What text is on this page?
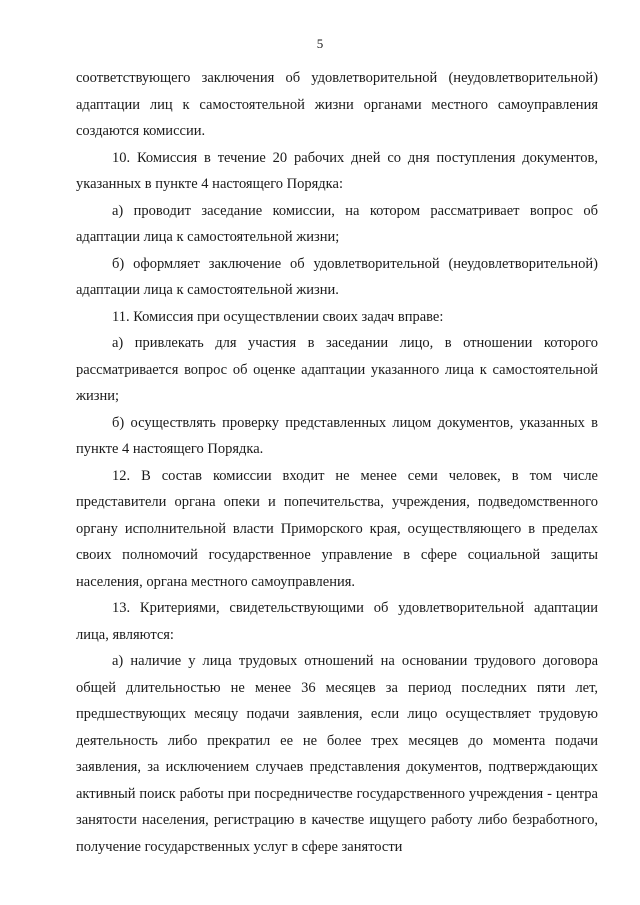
5

соответствующего заключения об удовлетворительной (неудовлетворительной) адаптации лиц к самостоятельной жизни органами местного самоуправления создаются комиссии.

10. Комиссия в течение 20 рабочих дней со дня поступления документов, указанных в пункте 4 настоящего Порядка:

а) проводит заседание комиссии, на котором рассматривает вопрос об адаптации лица к самостоятельной жизни;

б) оформляет заключение об удовлетворительной (неудовлетворительной) адаптации лица к самостоятельной жизни.

11. Комиссия при осуществлении своих задач вправе:

а) привлекать для участия в заседании лицо, в отношении которого рассматривается вопрос об оценке адаптации указанного лица к самостоятельной жизни;

б) осуществлять проверку представленных лицом документов, указанных в пункте 4 настоящего Порядка.

12. В состав комиссии входит не менее семи человек, в том числе представители органа опеки и попечительства, учреждения, подведомственного органу исполнительной власти Приморского края, осуществляющего в пределах своих полномочий государственное управление в сфере социальной защиты населения, органа местного самоуправления.

13. Критериями, свидетельствующими об удовлетворительной адаптации лица, являются:

а) наличие у лица трудовых отношений на основании трудового договора общей длительностью не менее 36 месяцев за период последних пяти лет, предшествующих месяцу подачи заявления, если лицо осуществляет трудовую деятельность либо прекратил ее не более трех месяцев до момента подачи заявления, за исключением случаев представления документов, подтверждающих активный поиск работы при посредничестве государственного учреждения - центра занятости населения, регистрацию в качестве ищущего работу либо безработного, получение государственных услуг в сфере занятости
